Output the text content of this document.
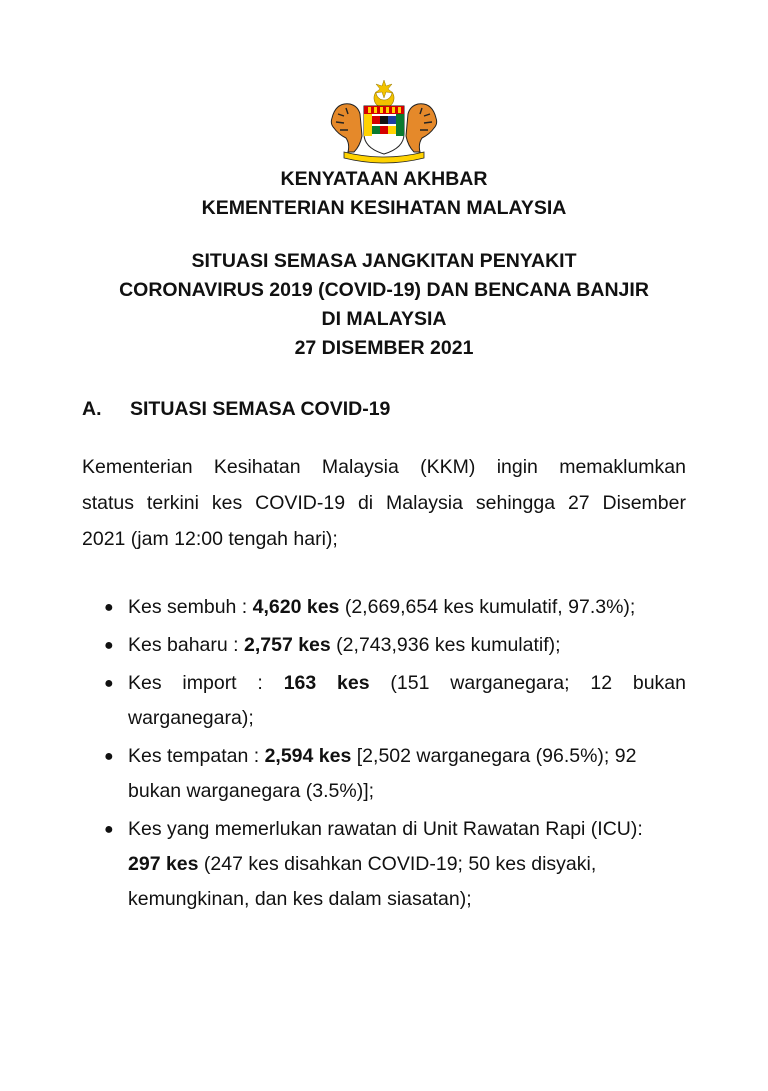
KENYATAAN AKHBAR
KEMENTERIAN KESIHATAN MALAYSIA
SITUASI SEMASA JANGKITAN PENYAKIT
CORONAVIRUS 2019 (COVID-19) DAN BENCANA BANJIR
DI MALAYSIA
27 DISEMBER 2021
A. SITUASI SEMASA COVID-19

Kementerian Kesihatan Malaysia (KKM) ingin memaklumkan
status terkini kes COVID-19 di Malaysia sehingga 27 Disember
2021 (jam 12:00 tengah hari);

● Kes sembuh : 4,620 kes (2,669,654 kes kumulatif, 97.3%);
● Kes baharu : 2,757 kes (2,743,936 kes kumulatif);
● Kes import : 163 kes (151 warganegara; 12 bukan
warganegara);
● Kes tempatan : 2,594 kes [2,502 warganegara (96.5%); 92
bukan warganegara (3.5%)];
● Kes yang memerlukan rawatan di Unit Rawatan Rapi (ICU):
297 kes (247 kes disahkan COVID-19; 50 kes disyaki,
kemungkinan, dan kes dalam siasatan);
